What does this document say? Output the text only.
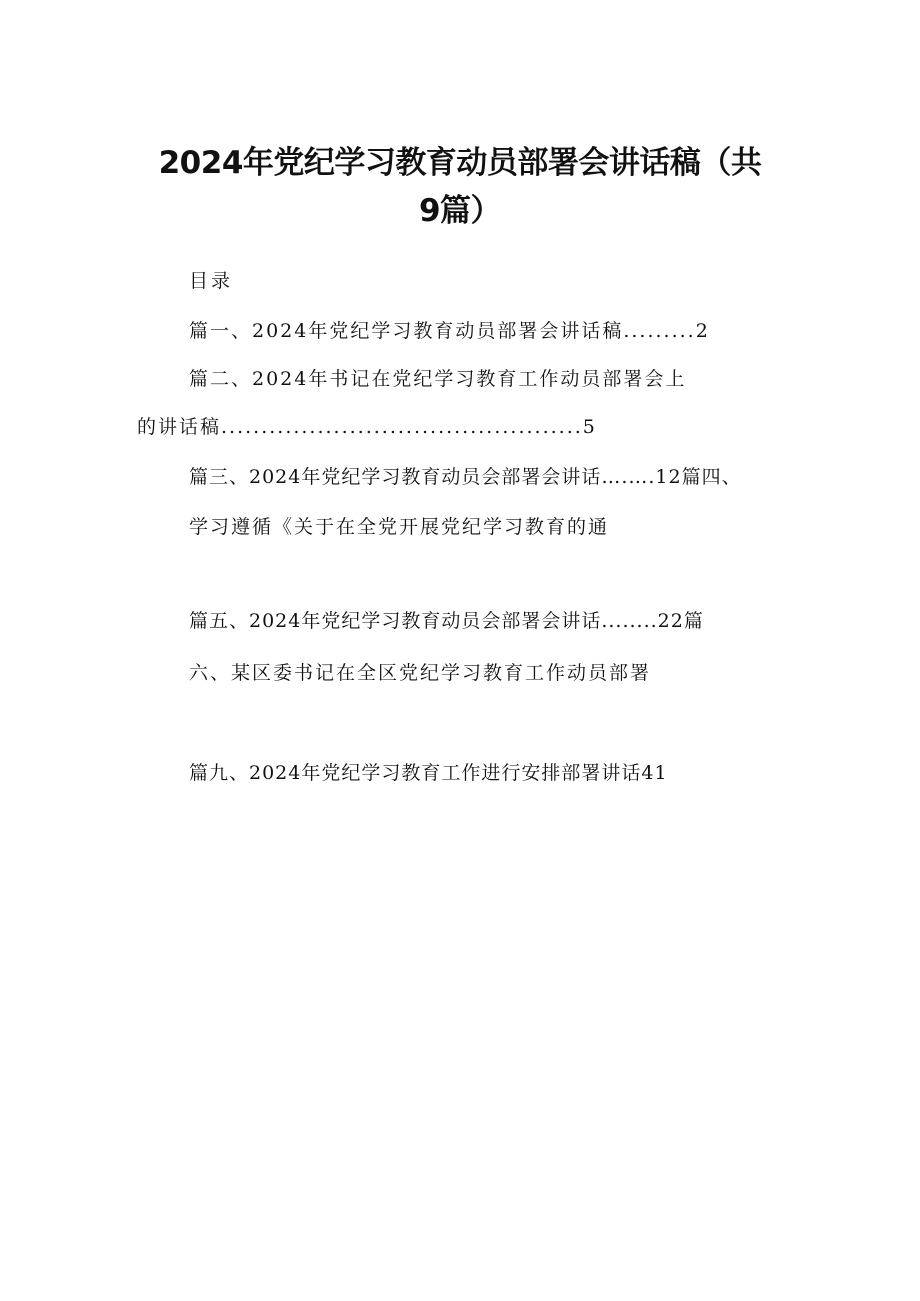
2024年党纪学习教育动员部署会讲话稿（共
9篇）
目录
篇一、2024年党纪学习教育动员部署会讲话稿.........2
篇二、2024年书记在党纪学习教育工作动员部署会上
的讲话稿.............................................5
篇三、2024年党纪学习教育动员会部署会讲话….….12篇四、
学习遵循《关于在全党开展党纪学习教育的通
篇五、2024年党纪学习教育动员会部署会讲话........22篇
六、某区委书记在全区党纪学习教育工作动员部署
篇九、2024年党纪学习教育工作进行安排部署讲话41
